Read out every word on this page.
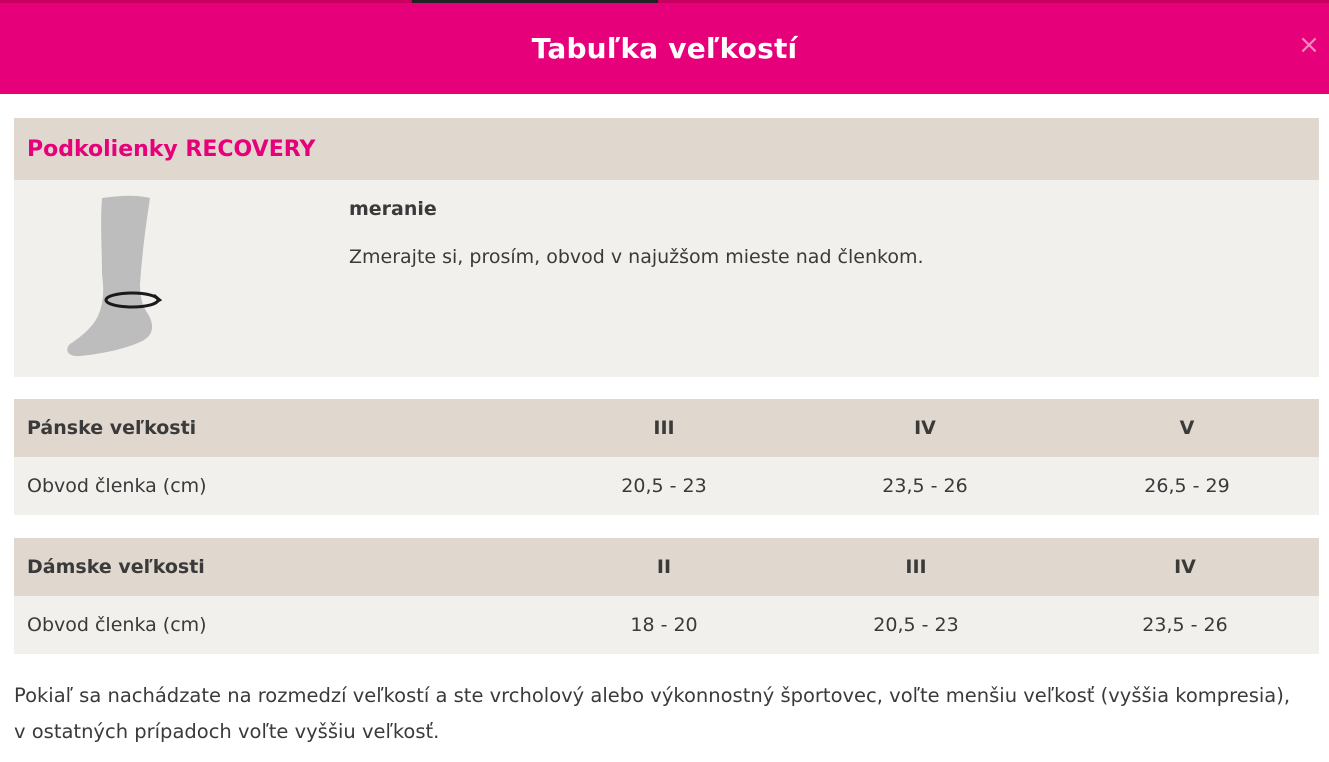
Tabuľka veľkostí	×
Podkolienky RECOVERY
meranie
Zmerajte si, prosím, obvod v najužšom mieste nad členkom.
Pánske veľkosti	III	IV	V
Obvod členka (cm)	20,5 - 23	23,5 - 26	26,5 - 29
Dámske veľkosti	II	III	IV
Obvod členka (cm)	18 - 20	20,5 - 23	23,5 - 26
Pokiaľ sa nachádzate na rozmedzí veľkostí a ste vrcholový alebo výkonnostný športovec, voľte menšiu veľkosť (vyššia kompresia),
v ostatných prípadoch voľte vyššiu veľkosť.
